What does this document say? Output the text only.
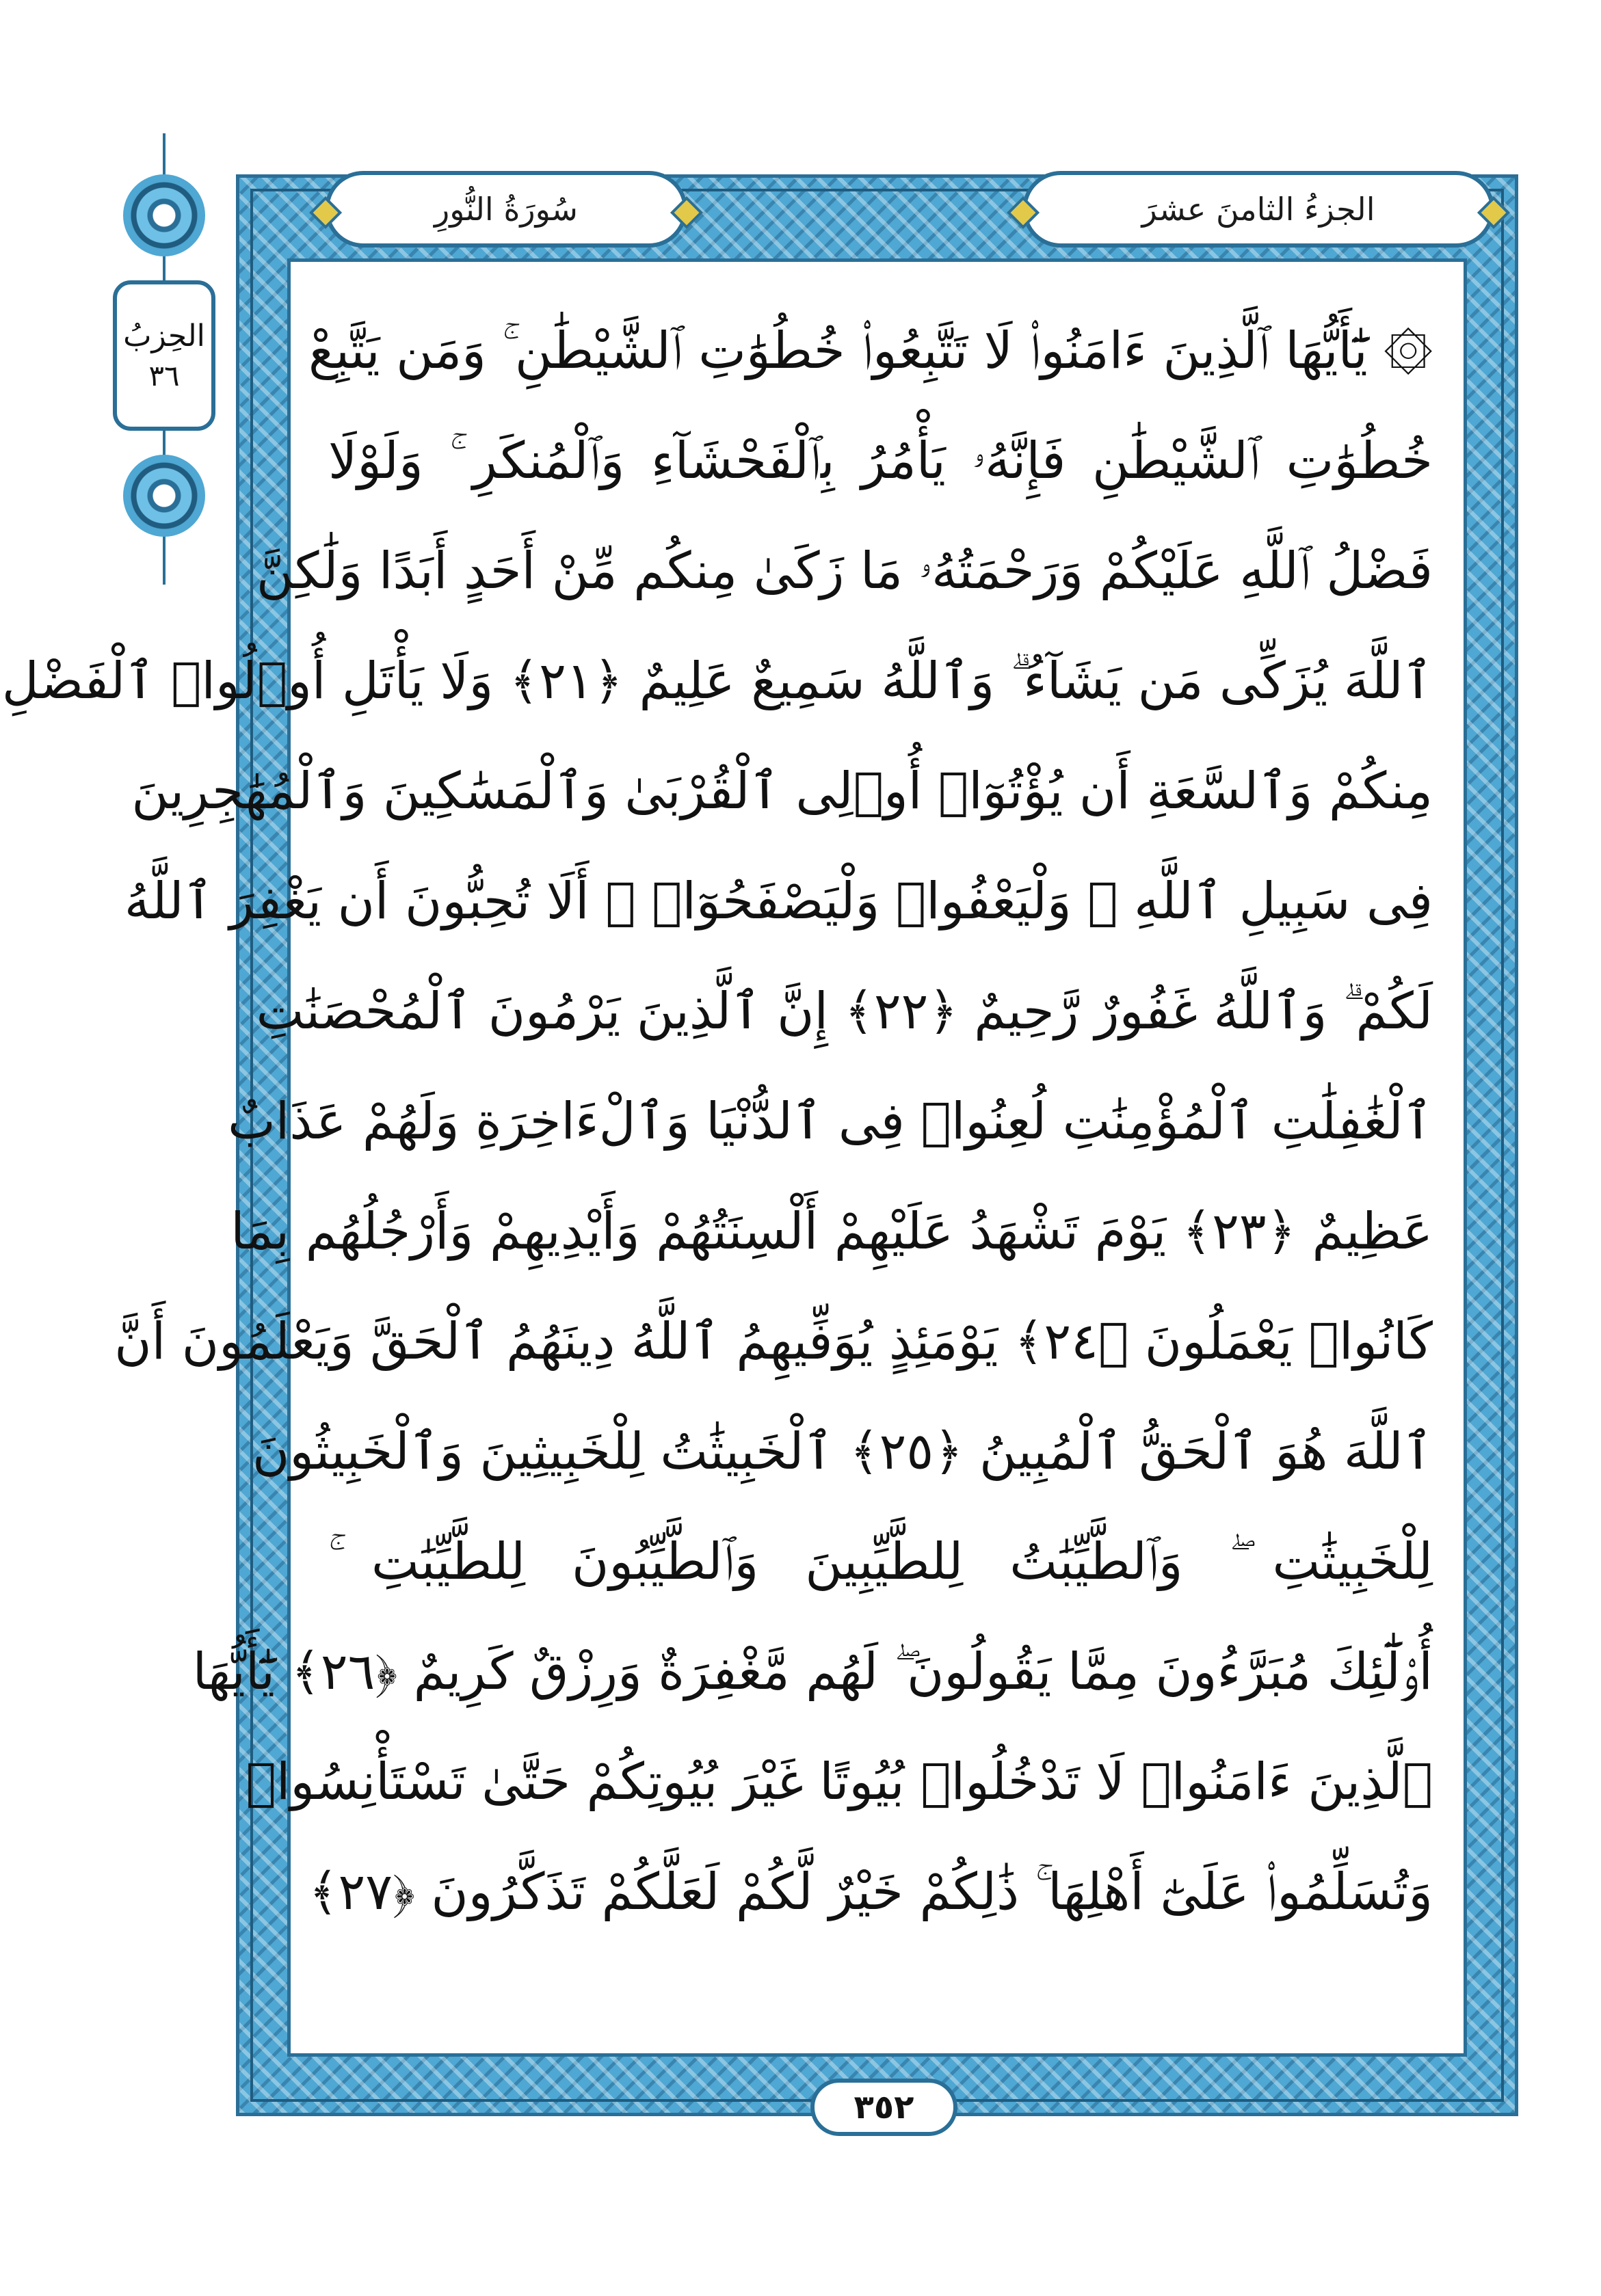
الحِزبُ
٣٦
الجزءُ الثامنَ عشرَ
سُورَةُ النُّورِ
۞ يَٰٓأَيُّهَا ٱلَّذِينَ ءَامَنُوا۟ لَا تَتَّبِعُوا۟ خُطُوَٰتِ ٱلشَّيْطَٰنِ ۚ وَمَن يَتَّبِعْ
خُطُوَٰتِ ٱلشَّيْطَٰنِ فَإِنَّهُۥ يَأْمُرُ بِٱلْفَحْشَآءِ وَٱلْمُنكَرِ ۚ وَلَوْلَا
فَضْلُ ٱللَّهِ عَلَيْكُمْ وَرَحْمَتُهُۥ مَا زَكَىٰ مِنكُم مِّنْ أَحَدٍ أَبَدًا وَلَٰكِنَّ
ٱللَّهَ يُزَكِّى مَن يَشَآءُ ۗ وَٱللَّهُ سَمِيعٌ عَلِيمٌ ﴿٢١﴾ وَلَا يَأْتَلِ أُو۟لُوا۟ ٱلْفَضْلِ
مِنكُمْ وَٱلسَّعَةِ أَن يُؤْتُوٓا۟ أُو۟لِى ٱلْقُرْبَىٰ وَٱلْمَسَٰكِينَ وَٱلْمُهَٰجِرِينَ
فِى سَبِيلِ ٱللَّهِ ۖ وَلْيَعْفُوا۟ وَلْيَصْفَحُوٓا۟ ۗ أَلَا تُحِبُّونَ أَن يَغْفِرَ ٱللَّهُ
لَكُمْ ۗ وَٱللَّهُ غَفُورٌ رَّحِيمٌ ﴿٢٢﴾ إِنَّ ٱلَّذِينَ يَرْمُونَ ٱلْمُحْصَنَٰتِ
ٱلْغَٰفِلَٰتِ ٱلْمُؤْمِنَٰتِ لُعِنُوا۟ فِى ٱلدُّنْيَا وَٱلْءَاخِرَةِ وَلَهُمْ عَذَابٌ
عَظِيمٌ ﴿٢٣﴾ يَوْمَ تَشْهَدُ عَلَيْهِمْ أَلْسِنَتُهُمْ وَأَيْدِيهِمْ وَأَرْجُلُهُم بِمَا
كَانُوا۟ يَعْمَلُونَ ﴿٢٤﴾ يَوْمَئِذٍ يُوَفِّيهِمُ ٱللَّهُ دِينَهُمُ ٱلْحَقَّ وَيَعْلَمُونَ أَنَّ
ٱللَّهَ هُوَ ٱلْحَقُّ ٱلْمُبِينُ ﴿٢٥﴾ ٱلْخَبِيثَٰتُ لِلْخَبِيثِينَ وَٱلْخَبِيثُونَ
لِلْخَبِيثَٰتِ ۖ وَٱلطَّيِّبَٰتُ لِلطَّيِّبِينَ وَٱلطَّيِّبُونَ لِلطَّيِّبَٰتِ ۚ
أُو۟لَٰٓئِكَ مُبَرَّءُونَ مِمَّا يَقُولُونَ ۖ لَهُم مَّغْفِرَةٌ وَرِزْقٌ كَرِيمٌ ﴿٢٦﴾ يَٰٓأَيُّهَا
ٱلَّذِينَ ءَامَنُوا۟ لَا تَدْخُلُوا۟ بُيُوتًا غَيْرَ بُيُوتِكُمْ حَتَّىٰ تَسْتَأْنِسُوا۟
وَتُسَلِّمُوا۟ عَلَىٰٓ أَهْلِهَا ۚ ذَٰلِكُمْ خَيْرٌ لَّكُمْ لَعَلَّكُمْ تَذَكَّرُونَ ﴿٢٧﴾
٣٥٢
